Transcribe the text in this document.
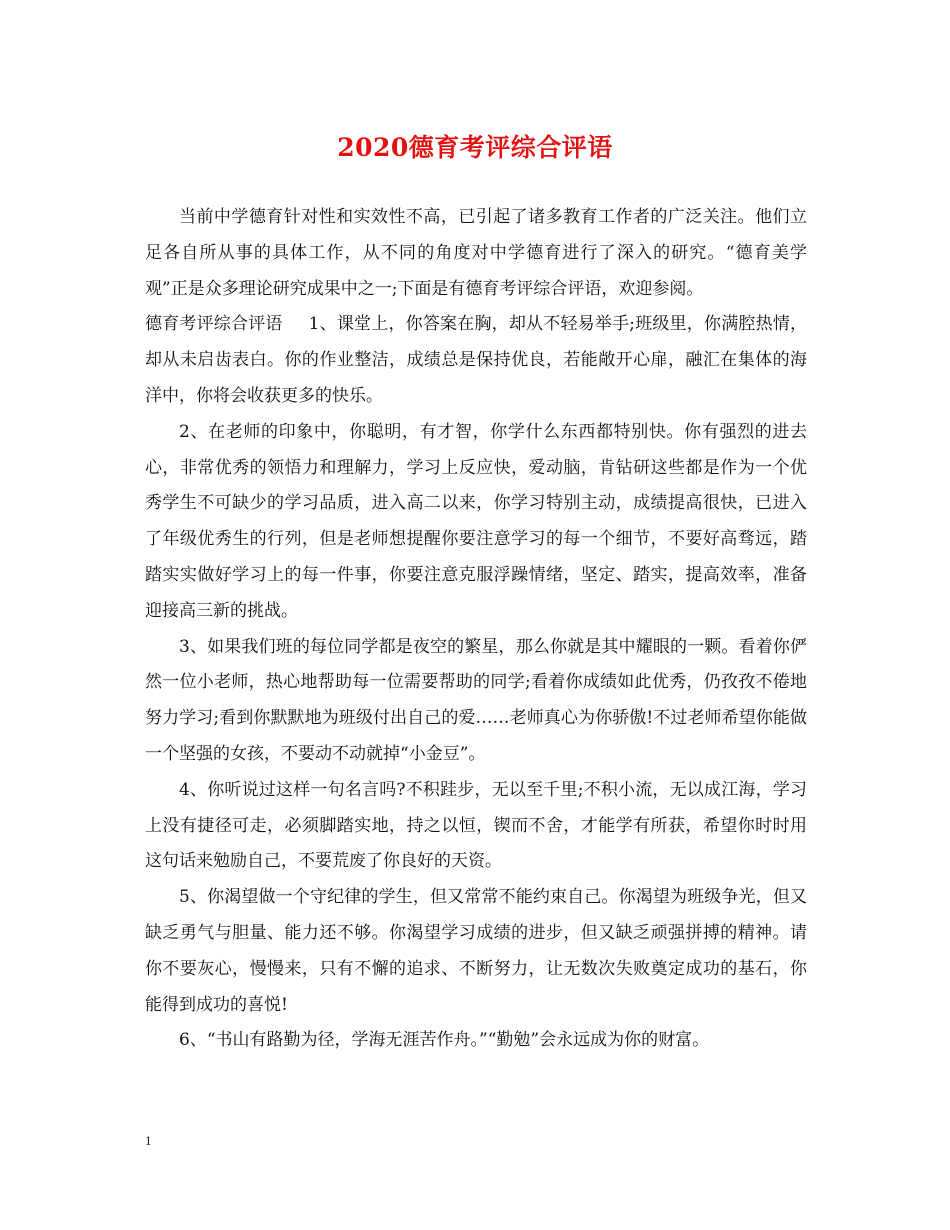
2020德育考评综合评语

当前中学德育针对性和实效性不高，已引起了诸多教育工作者的广泛关注。他们立足各自所从事的具体工作，从不同的角度对中学德育进行了深入的研究。“德育美学观”正是众多理论研究成果中之一;下面是有德育考评综合评语，欢迎参阅。

德育考评综合评语 1、课堂上，你答案在胸，却从不轻易举手;班级里，你满腔热情，却从未启齿表白。你的作业整洁，成绩总是保持优良，若能敞开心扉，融汇在集体的海洋中，你将会收获更多的快乐。

2、在老师的印象中，你聪明，有才智，你学什么东西都特别快。你有强烈的进去心，非常优秀的领悟力和理解力，学习上反应快，爱动脑，肯钻研这些都是作为一个优秀学生不可缺少的学习品质，进入高二以来，你学习特别主动，成绩提高很快，已进入了年级优秀生的行列，但是老师想提醒你要注意学习的每一个细节，不要好高骛远，踏踏实实做好学习上的每一件事，你要注意克服浮躁情绪，坚定、踏实，提高效率，准备迎接高三新的挑战。

3、如果我们班的每位同学都是夜空的繁星，那么你就是其中耀眼的一颗。看着你俨然一位小老师，热心地帮助每一位需要帮助的同学;看着你成绩如此优秀，仍孜孜不倦地努力学习;看到你默默地为班级付出自己的爱……老师真心为你骄傲!不过老师希望你能做一个坚强的女孩，不要动不动就掉“小金豆”。

4、你听说过这样一句名言吗?不积跬步，无以至千里;不积小流，无以成江海，学习上没有捷径可走，必须脚踏实地，持之以恒，锲而不舍，才能学有所获，希望你时时用这句话来勉励自己，不要荒废了你良好的天资。

5、你渴望做一个守纪律的学生，但又常常不能约束自己。你渴望为班级争光，但又缺乏勇气与胆量、能力还不够。你渴望学习成绩的进步，但又缺乏顽强拼搏的精神。请你不要灰心，慢慢来，只有不懈的追求、不断努力，让无数次失败奠定成功的基石，你能得到成功的喜悦!

6、“书山有路勤为径，学海无涯苦作舟。”“勤勉”会永远成为你的财富。

1
